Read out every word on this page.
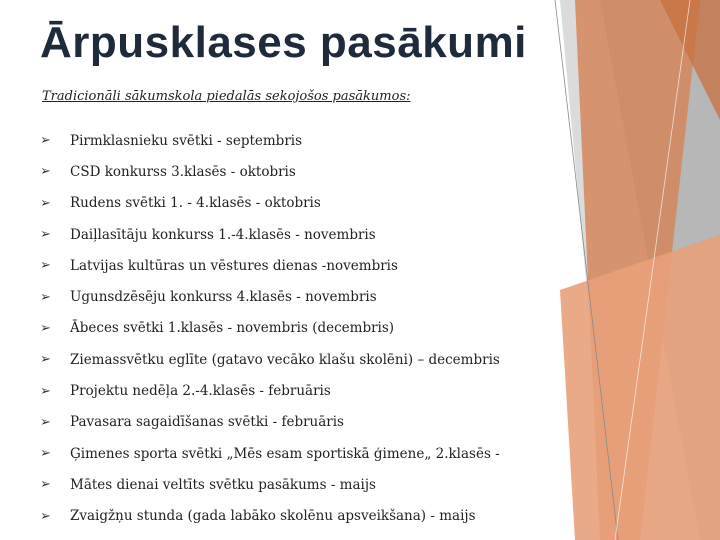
Ārpusklases pasākumi
Tradicionāli sākumskola piedalās sekojošos pasākumos:
➢	Pirmklasnieku svētki - septembris
➢	CSD konkurss 3.klasēs - oktobris
➢	Rudens svētki 1. - 4.klasēs - oktobris
➢	Daiļlasītāju konkurss 1.-4.klasēs - novembris
➢	Latvijas kultūras un vēstures dienas -novembris
➢	Ugunsdzēsēju konkurss 4.klasēs - novembris
➢	Ābeces svētki 1.klasēs - novembris (decembris)
➢	Ziemassvētku eglīte (gatavo vecāko klašu skolēni) – decembris
➢	Projektu nedēļa 2.-4.klasēs - februāris
➢	Pavasara sagaidīšanas svētki - februāris
➢	Ģimenes sporta svētki „Mēs esam sportiskā ģimene„ 2.klasēs -
➢	Mātes dienai veltīts svētku pasākums - maijs
➢	Zvaigžņu stunda (gada labāko skolēnu apsveikšana) - maijs
